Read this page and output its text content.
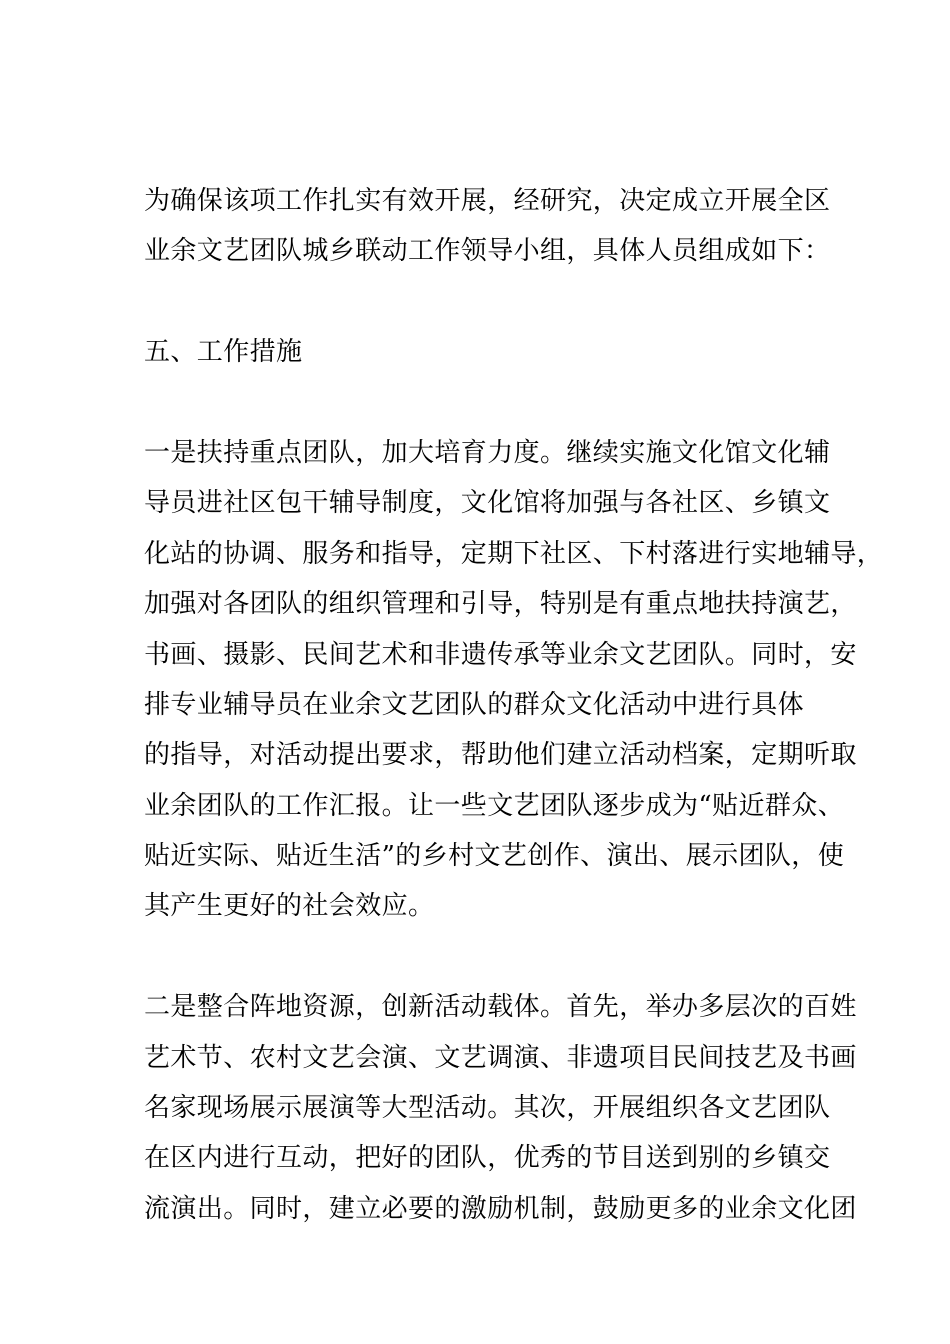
为确保该项工作扎实有效开展，经研究，决定成立开展全区
业余文艺团队城乡联动工作领导小组，具体人员组成如下：

五、工作措施

一是扶持重点团队，加大培育力度。继续实施文化馆文化辅
导员进社区包干辅导制度，文化馆将加强与各社区、乡镇文
化站的协调、服务和指导，定期下社区、下村落进行实地辅导，
加强对各团队的组织管理和引导，特别是有重点地扶持演艺，
书画、摄影、民间艺术和非遗传承等业余文艺团队。同时，安
排专业辅导员在业余文艺团队的群众文化活动中进行具体
的指导，对活动提出要求，帮助他们建立活动档案，定期听取
业余团队的工作汇报。让一些文艺团队逐步成为“贴近群众、
贴近实际、贴近生活”的乡村文艺创作、演出、展示团队，使
其产生更好的社会效应。

二是整合阵地资源，创新活动载体。首先，举办多层次的百姓
艺术节、农村文艺会演、文艺调演、非遗项目民间技艺及书画
名家现场展示展演等大型活动。其次，开展组织各文艺团队
在区内进行互动，把好的团队，优秀的节目送到别的乡镇交
流演出。同时，建立必要的激励机制，鼓励更多的业余文化团
